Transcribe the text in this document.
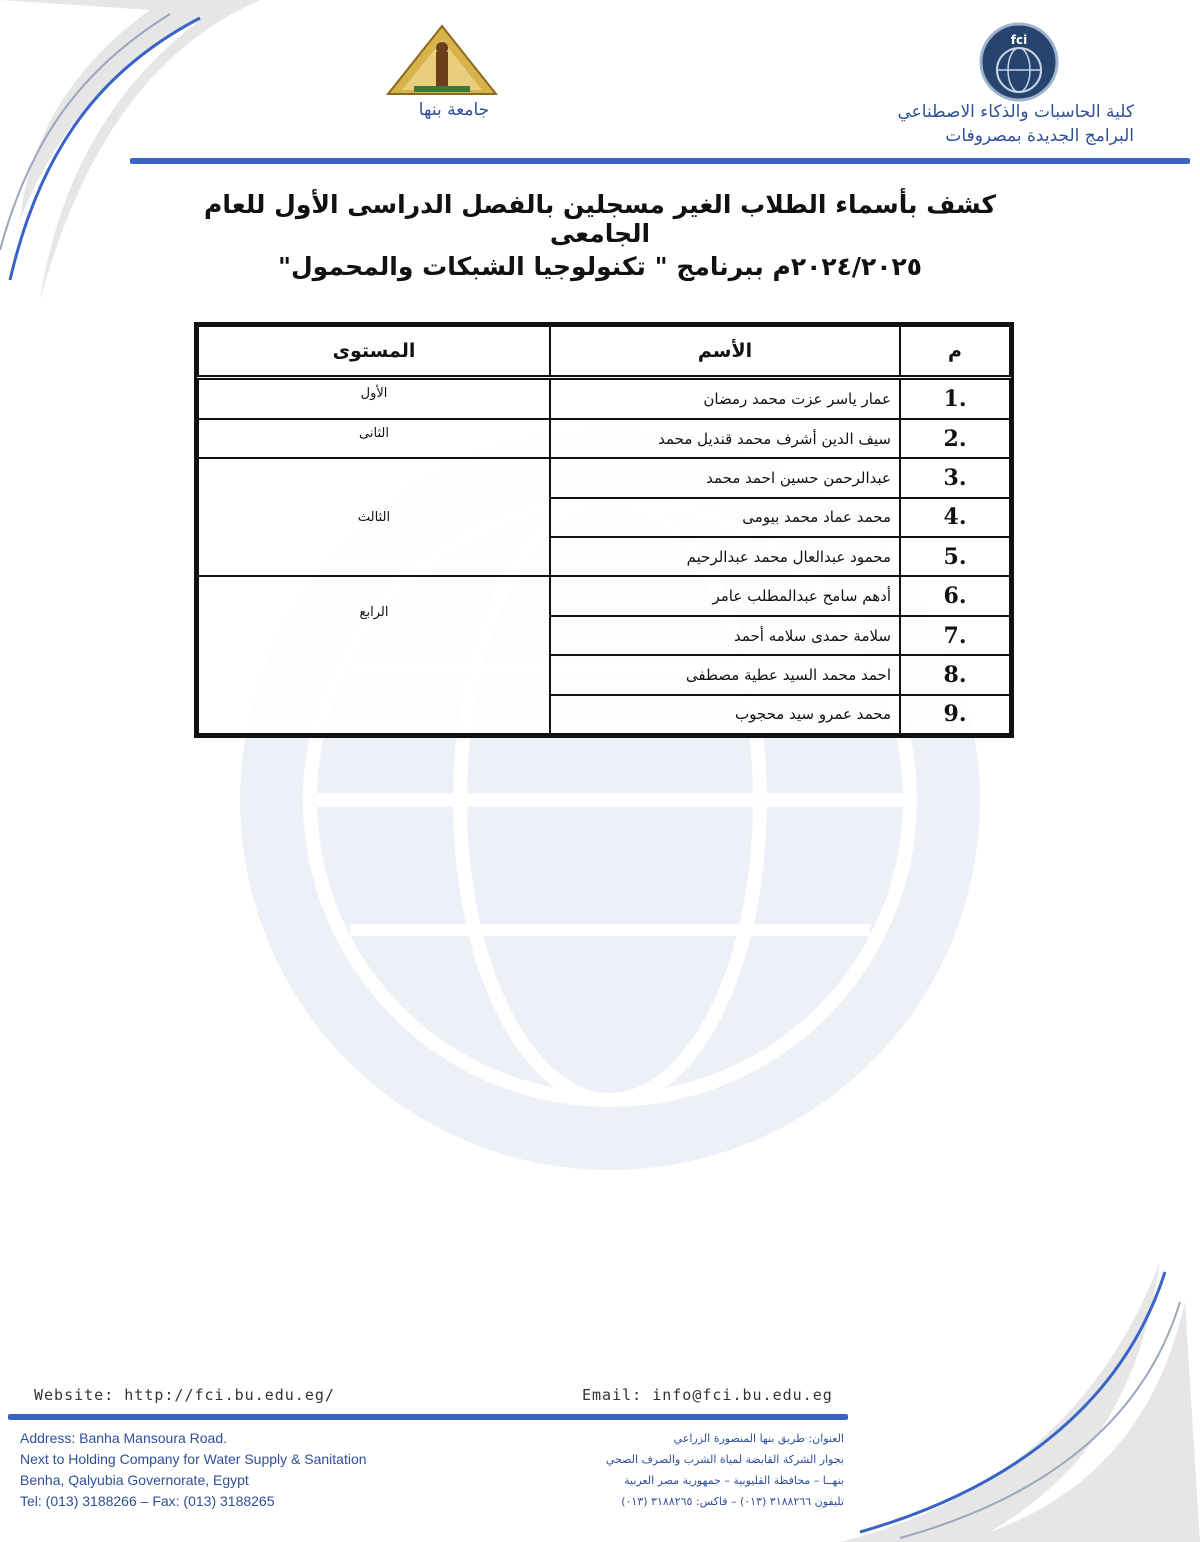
fci
كلية الحاسبات والذكاء الاصطناعي
البرامج الجديدة بمصروفات
جامعة بنها
كشف بأسماء الطلاب الغير مسجلين بالفصل الدراسى الأول للعام الجامعى
٢٠٢٤/٢٠٢٥م ببرنامج " تكنولوجيا الشبكات والمحمول"
م	الأسم	المستوى
1.	عمار ياسر عزت محمد رمضان	الأول
2.	سيف الدين أشرف محمد قنديل محمد	الثانى
3.	عبدالرحمن حسين احمد محمد	الثالث
4.	محمد عماد محمد بيومى	
5.	محمود عبدالعال محمد عبدالرحيم	
6.	أدهم سامح عبدالمطلب عامر	الرابع
7.	سلامة حمدى سلامه أحمد	
8.	احمد محمد السيد عطية مصطفى	
9.	محمد عمرو سيد محجوب	
Website: http://fci.bu.edu.eg/	Email: info@fci.bu.edu.eg
Address: Banha Mansoura Road.
Next to Holding Company for Water Supply & Sanitation
Benha, Qalyubia Governorate, Egypt
Tel: (013) 3188266 – Fax: (013) 3188265
العنوان: طريق بنها المنصورة الزراعي
بجوار الشركة القابضة لمياة الشرب والصرف الصحي
بنهــا – محافظة القليوبية – جمهورية مصر العربية
تليفون ٣١٨٨٢٦٦ (٠١٣) – فاكس: ٣١٨٨٢٦٥ (٠١٣)
